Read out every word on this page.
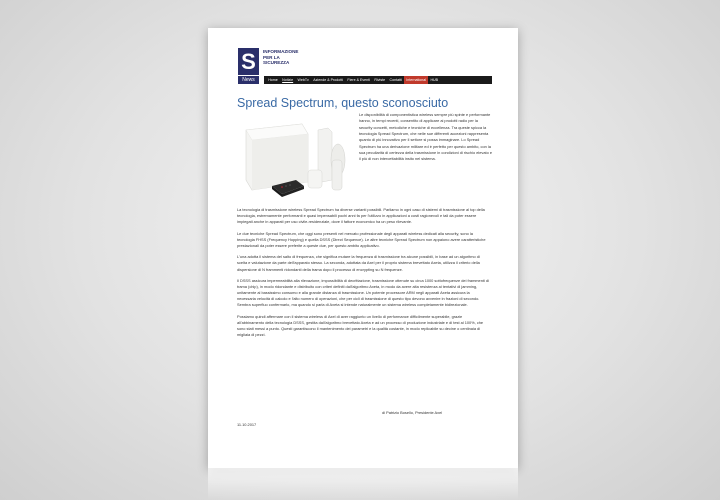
S
News
INFORMAZIONE
PER LA
SICUREZZA
Home	Notizie	WebTv	Aziende & Prodotti	Fiere & Eventi	Riviste	Contatti	International	HUB
Spread Spectrum, questo sconosciuto
Le disponibilità di componentistica wireless sempre più spinte e performante hanno, in tempi recenti, consentito di applicare ai prodotti radio per la security concetti, metodiche e tecniche di eccellenza. Tra queste spicca la tecnologia Spread Spectrum, che nelle sue differenti accezioni rappresenta quanto di più innovativo per il settore si possa immaginare. Lo Spread Spectrum ha una derivazione militare ed è perfetto per questo ambito, con la sua peculiarità di certezza della trasmissione in condizioni di rischio elevato e il più di non intercettabilità insito nel sistema.

La tecnologia di trasmissione wireless Spread Spectrum ha diverse varianti possibili. Parliamo in ogni caso di sistemi di trasmissione al top della tecnologia, estremamente performanti e quasi impensabili pochi anni fa per l'utilizzo in applicazioni a costi ragionevoli e tali da poter essere impiegati anche in apparati per uso civile-residenziale, dove il fattore economico ha un peso rilevante.

Le due tecniche Spread Spectrum, che oggi sono presenti nel mercato professionale degli apparati wireless dedicati alla security, sono la tecnologia FHSS (Frequency Hopping) e quella DSSS (Direct Sequence). Le altre tecniche Spread Spectrum non appaiono avere caratteristiche prestazionali da poter essere preferite a queste due, per questo ambito applicativo.

L'una adotta il sistema del salto di frequenza, che significa mutare la frequenza di trasmissione tra alcune possibili, in base ad un algoritmo di scelta e valutazione da parte dell'apparato stesso. La seconda, adottata da Axel per il proprio sistema brevettato Axeta, utilizza il criterio della dispersione di N frammenti ridondanti della trama dopo il processo di encrypting su N frequenze.

Il DSSS assicura impermeabilità alla rilevazione, impossibilità di decrittazione, trasmissione ottenute su circa 1000 sottofrequenze dei frammenti di trama (chip), in modo ridondante e distribuito con criteri definiti dall'algoritmo Axeta, in modo da avere alta resistenza ai tentativi di jamming, unitamente al bassissimo consumo e alla grande distanza di trasmissione. Un potente processore ARM negli apparati Axeta assicura la necessaria velocità di calcolo e l'alto numero di operazioni, che per cicli di trasmissione di questo tipo devono avvenire in frazioni di secondo. Sembra superfluo confermarlo, ma quando si parla di Axeta si intende naturalmente un sistema wireless completamente bidirezionale.

Possiamo quindi affermare con il sistema wireless di Axel di aver raggiunto un livello di performance difficilmente superabile, grazie all'abbinamento della tecnologia DSSS, gestita dall'algoritmo brevettato Axeta e ad un processo di produzione industriale e di test al 100%, che sono stati messi a punto. Questi garantiscono il mantenimento dei parametri e la qualità costante, in modo replicabile su decine o centinaia di migliaia di pezzi.

di Patrizio Bosello, Presidente Axel
11.10.2017
